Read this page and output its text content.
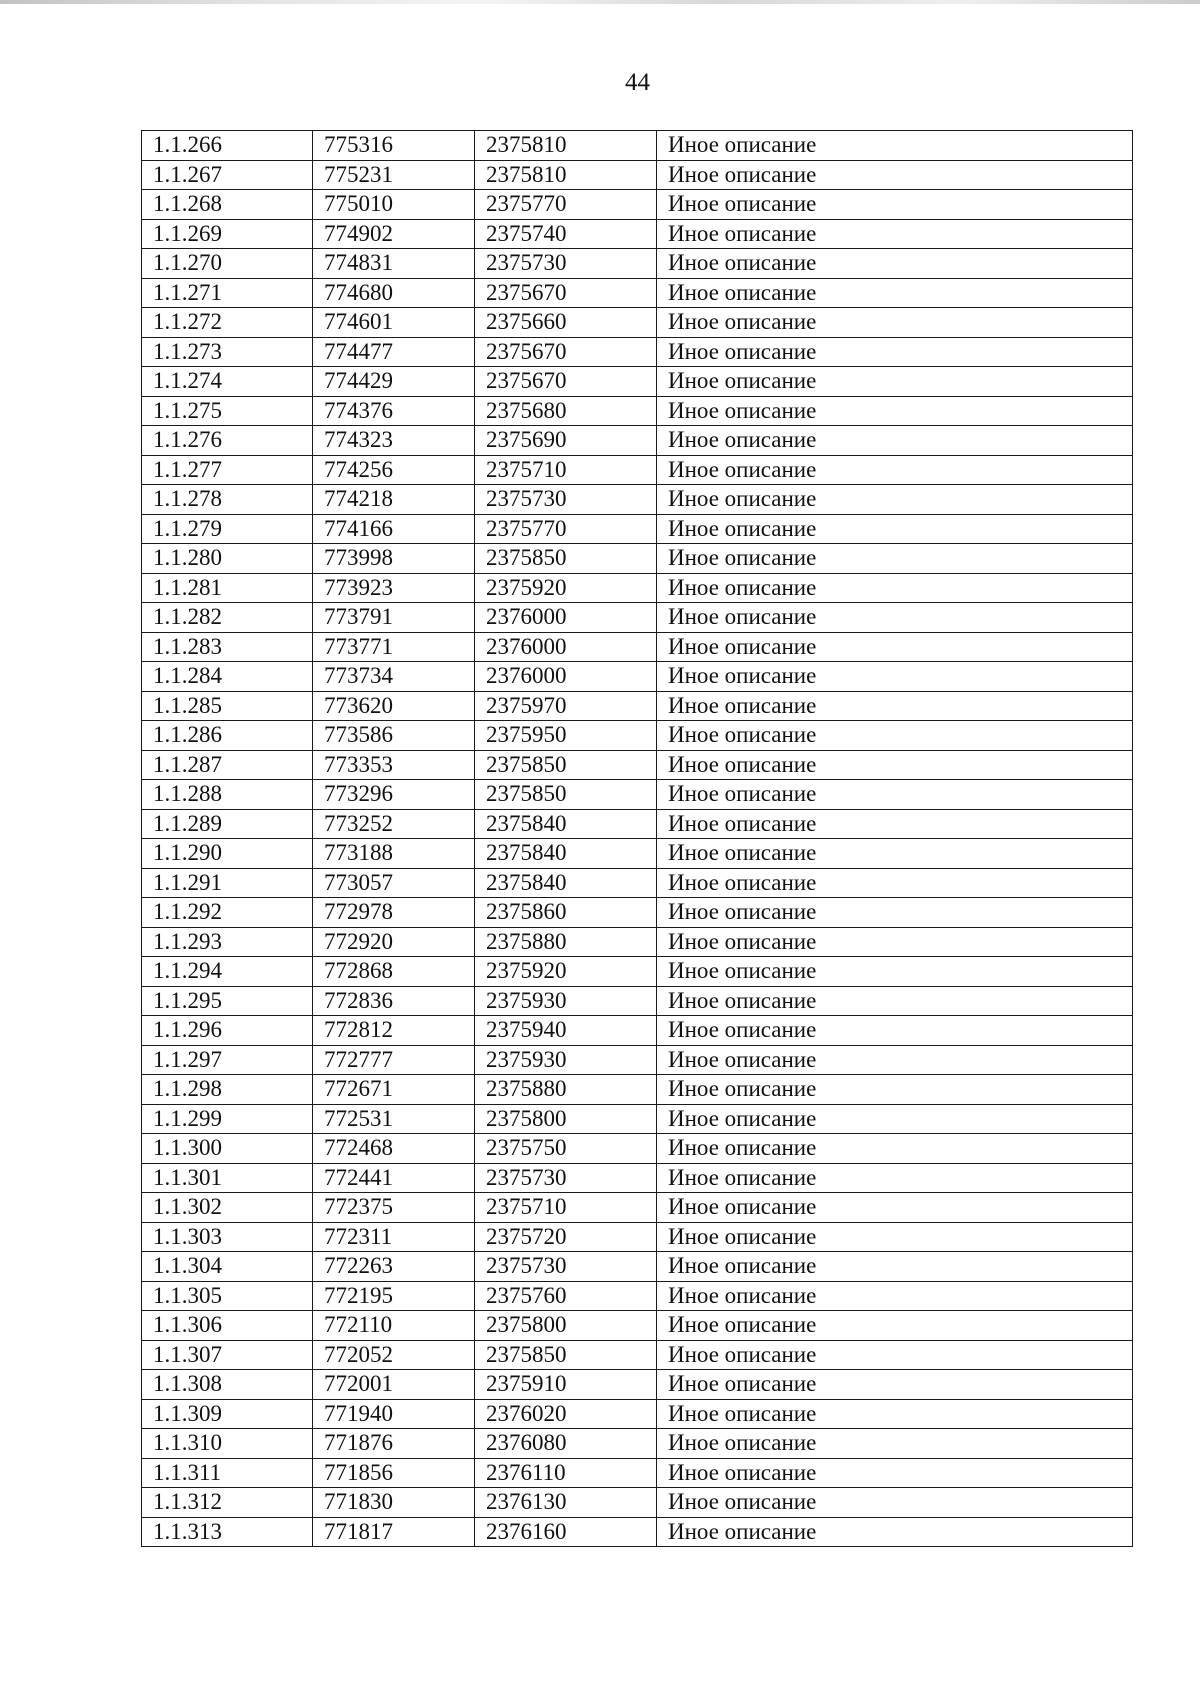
44
1.1.266	775316	2375810	Иное описание
1.1.267	775231	2375810	Иное описание
1.1.268	775010	2375770	Иное описание
1.1.269	774902	2375740	Иное описание
1.1.270	774831	2375730	Иное описание
1.1.271	774680	2375670	Иное описание
1.1.272	774601	2375660	Иное описание
1.1.273	774477	2375670	Иное описание
1.1.274	774429	2375670	Иное описание
1.1.275	774376	2375680	Иное описание
1.1.276	774323	2375690	Иное описание
1.1.277	774256	2375710	Иное описание
1.1.278	774218	2375730	Иное описание
1.1.279	774166	2375770	Иное описание
1.1.280	773998	2375850	Иное описание
1.1.281	773923	2375920	Иное описание
1.1.282	773791	2376000	Иное описание
1.1.283	773771	2376000	Иное описание
1.1.284	773734	2376000	Иное описание
1.1.285	773620	2375970	Иное описание
1.1.286	773586	2375950	Иное описание
1.1.287	773353	2375850	Иное описание
1.1.288	773296	2375850	Иное описание
1.1.289	773252	2375840	Иное описание
1.1.290	773188	2375840	Иное описание
1.1.291	773057	2375840	Иное описание
1.1.292	772978	2375860	Иное описание
1.1.293	772920	2375880	Иное описание
1.1.294	772868	2375920	Иное описание
1.1.295	772836	2375930	Иное описание
1.1.296	772812	2375940	Иное описание
1.1.297	772777	2375930	Иное описание
1.1.298	772671	2375880	Иное описание
1.1.299	772531	2375800	Иное описание
1.1.300	772468	2375750	Иное описание
1.1.301	772441	2375730	Иное описание
1.1.302	772375	2375710	Иное описание
1.1.303	772311	2375720	Иное описание
1.1.304	772263	2375730	Иное описание
1.1.305	772195	2375760	Иное описание
1.1.306	772110	2375800	Иное описание
1.1.307	772052	2375850	Иное описание
1.1.308	772001	2375910	Иное описание
1.1.309	771940	2376020	Иное описание
1.1.310	771876	2376080	Иное описание
1.1.311	771856	2376110	Иное описание
1.1.312	771830	2376130	Иное описание
1.1.313	771817	2376160	Иное описание
